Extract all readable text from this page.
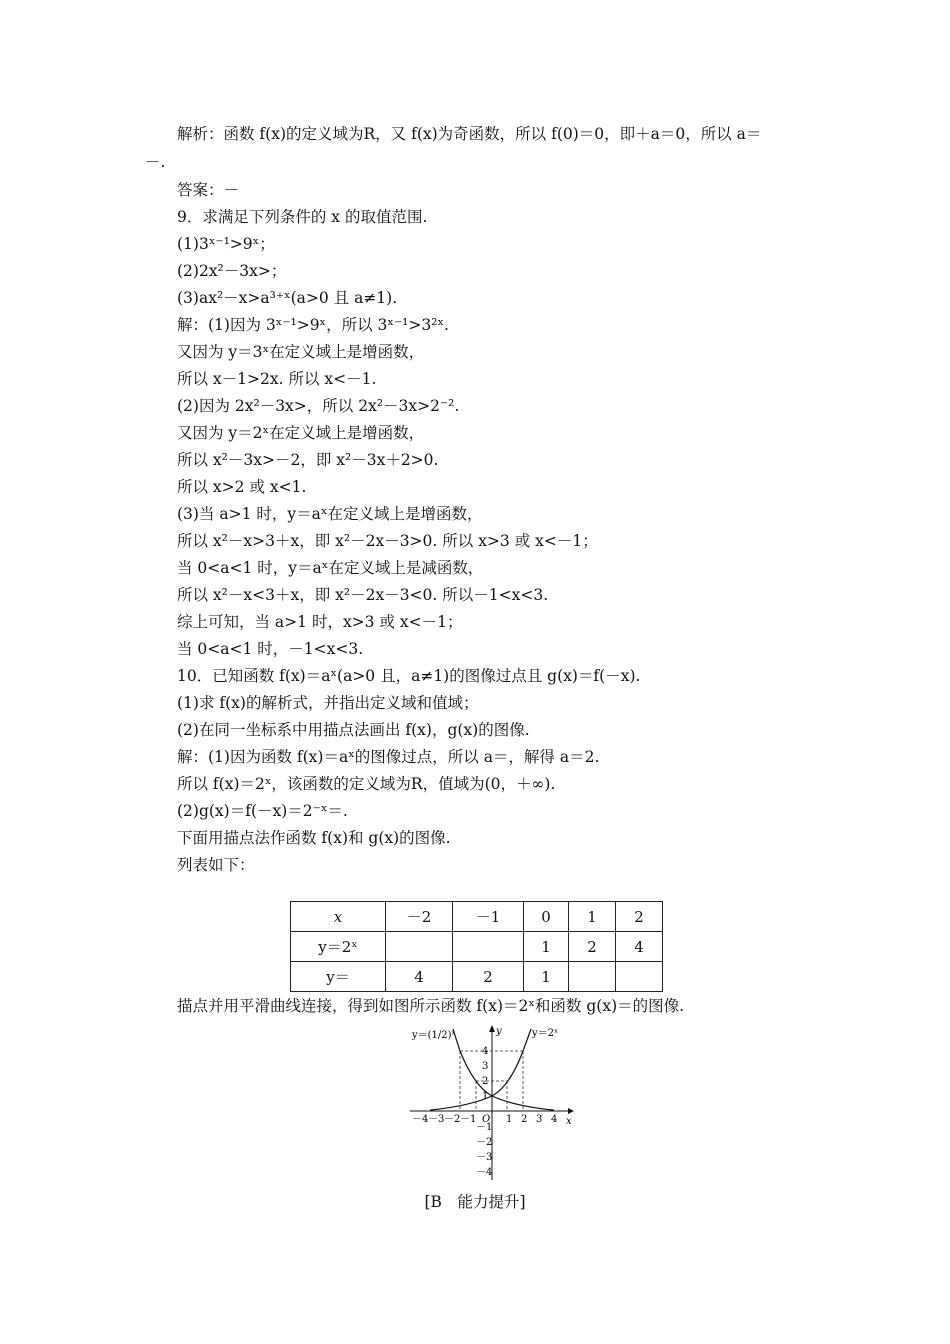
解析：函数 f(x)的定义域为R，又 f(x)为奇函数，所以 f(0)＝0，即＋a＝0，所以 a＝
－.
答案：－
9．求满足下列条件的 x 的取值范围.
(1)3ˣ⁻¹>9ˣ；
(2)2x²－3x>；
(3)ax²－x>a³⁺ˣ(a>0 且 a≠1).
解：(1)因为 3ˣ⁻¹>9ˣ，所以 3ˣ⁻¹>3²ˣ.
又因为 y＝3ˣ在定义域上是增函数，
所以 x－1>2x. 所以 x<－1.
(2)因为 2x²－3x>，所以 2x²－3x>2⁻².
又因为 y＝2ˣ在定义域上是增函数，
所以 x²－3x>－2，即 x²－3x＋2>0.
所以 x>2 或 x<1.
(3)当 a>1 时，y＝aˣ在定义域上是增函数，
所以 x²－x>3＋x，即 x²－2x－3>0. 所以 x>3 或 x<－1；
当 0<a<1 时，y＝aˣ在定义域上是减函数，
所以 x²－x<3＋x，即 x²－2x－3<0. 所以－1<x<3.
综上可知，当 a>1 时，x>3 或 x<－1；
当 0<a<1 时，－1<x<3.
10．已知函数 f(x)＝aˣ(a>0 且，a≠1)的图像过点且 g(x)＝f(－x).
(1)求 f(x)的解析式，并指出定义域和值域；
(2)在同一坐标系中用描点法画出 f(x)，g(x)的图像.
解：(1)因为函数 f(x)＝aˣ的图像过点，所以 a＝，解得 a＝2.
所以 f(x)＝2ˣ，该函数的定义域为R，值域为(0，＋∞).
(2)g(x)＝f(－x)＝2⁻ˣ＝.
下面用描点法作函数 f(x)和 g(x)的图像.
列表如下：
x	－2	－1	0	1	2
y＝2ˣ			1	2	4
y＝	4	2	1		
描点并用平滑曲线连接，得到如图所示函数 f(x)＝2ˣ和函数 g(x)＝的图像.
x
y
O
－4 －3 －2 －1	1 2 3 4
4
3
2
1
－1
－2
－3
－4
y＝(1/2)ˣ	y＝2ˣ
[B　能力提升]
